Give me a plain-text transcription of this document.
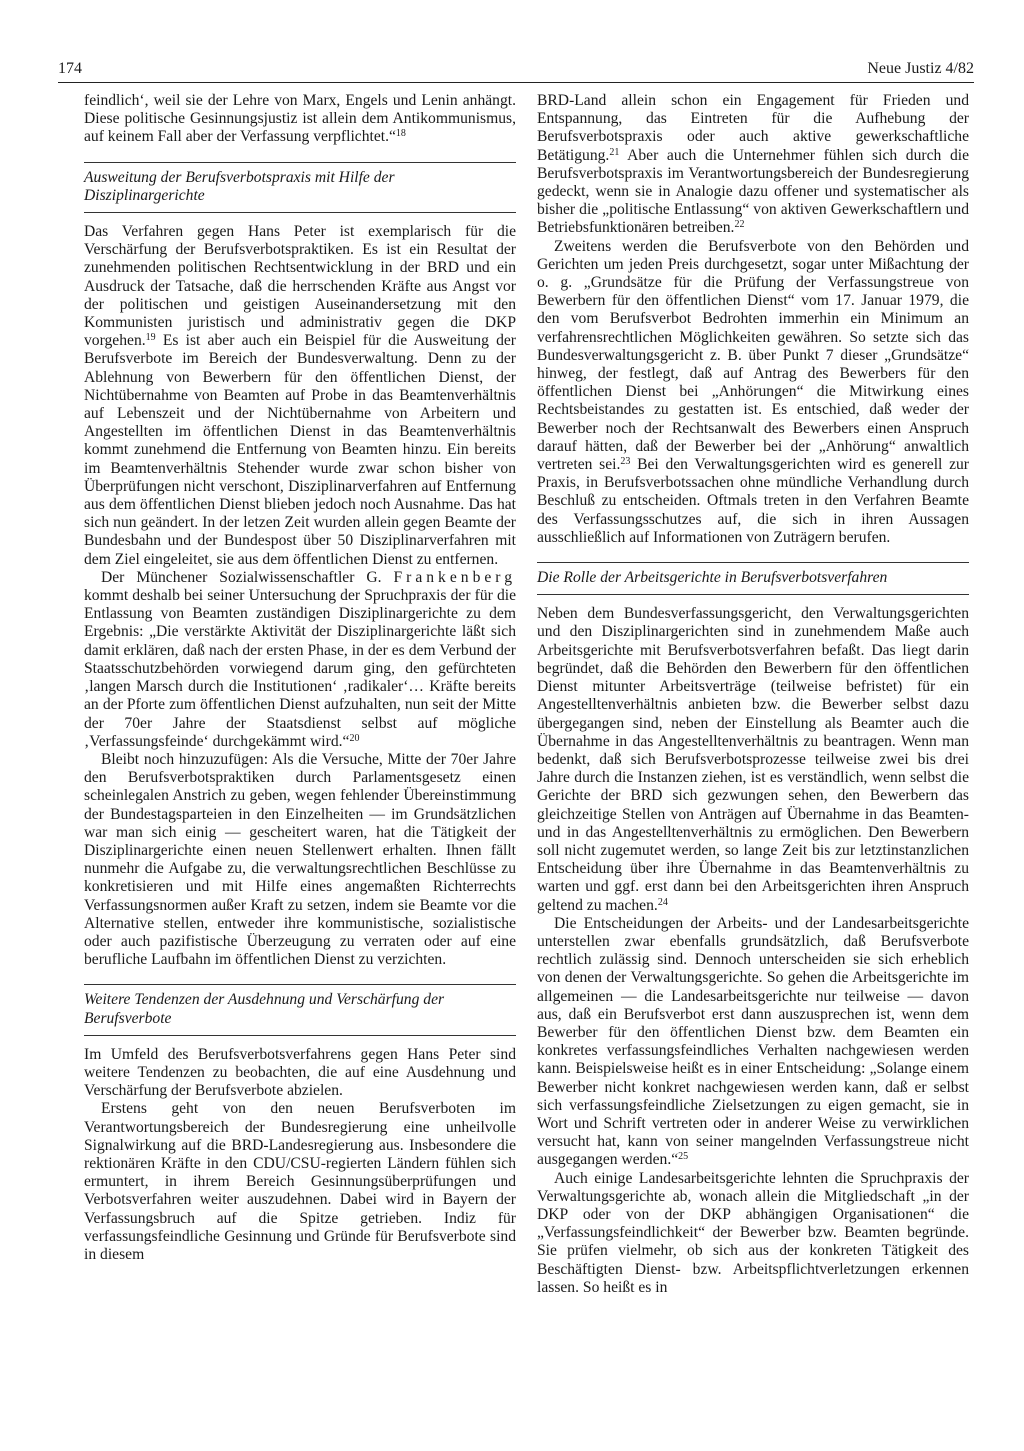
174	Neue Justiz 4/82

feindlich‘, weil sie der Lehre von Marx, Engels und Lenin anhängt. Diese politische Gesinnungsjustiz ist allein dem Antikommunismus, auf keinem Fall aber der Verfassung verpflichtet.“$^{18}$

Ausweitung der Berufsverbotspraxis mit Hilfe der Disziplinargerichte

Das Verfahren gegen Hans Peter ist exemplarisch für die Verschärfung der Berufsverbotspraktiken. Es ist ein Resultat der zunehmenden politischen Rechtsentwicklung in der BRD und ein Ausdruck der Tatsache, daß die herrschenden Kräfte aus Angst vor der politischen und geistigen Auseinandersetzung mit den Kommunisten juristisch und administrativ gegen die DKP vorgehen.$^{19}$ Es ist aber auch ein Beispiel für die Ausweitung der Berufsverbote im Bereich der Bundesverwaltung. Denn zu der Ablehnung von Bewerbern für den öffentlichen Dienst, der Nichtübernahme von Beamten auf Probe in das Beamtenverhältnis auf Lebenszeit und der Nichtübernahme von Arbeitern und Angestellten im öffentlichen Dienst in das Beamtenverhältnis kommt zunehmend die Entfernung von Beamten hinzu. Ein bereits im Beamtenverhältnis Stehender wurde zwar schon bisher von Überprüfungen nicht verschont, Disziplinarverfahren auf Entfernung aus dem öffentlichen Dienst blieben jedoch noch Ausnahme. Das hat sich nun geändert. In der letzen Zeit wurden allein gegen Beamte der Bundesbahn und der Bundespost über 50 Disziplinarverfahren mit dem Ziel eingeleitet, sie aus dem öffentlichen Dienst zu entfernen.

Der Münchener Sozialwissenschaftler G. Frankenberg kommt deshalb bei seiner Untersuchung der Spruchpraxis der für die Entlassung von Beamten zuständigen Disziplinargerichte zu dem Ergebnis: „Die verstärkte Aktivität der Disziplinargerichte läßt sich damit erklären, daß nach der ersten Phase, in der es dem Verbund der Staatsschutzbehörden vorwiegend darum ging, den gefürchteten ‚langen Marsch durch die Institutionen‘ ‚radikaler‘… Kräfte bereits an der Pforte zum öffentlichen Dienst aufzuhalten, nun seit der Mitte der 70er Jahre der Staatsdienst selbst auf mögliche ‚Verfassungsfeinde‘ durchgekämmt wird.“$^{20}$

Bleibt noch hinzuzufügen: Als die Versuche, Mitte der 70er Jahre den Berufsverbotspraktiken durch Parlamentsgesetz einen scheinlegalen Anstrich zu geben, wegen fehlender Übereinstimmung der Bundestagsparteien in den Einzelheiten — im Grundsätzlichen war man sich einig — gescheitert waren, hat die Tätigkeit der Disziplinargerichte einen neuen Stellenwert erhalten. Ihnen fällt nunmehr die Aufgabe zu, die verwaltungsrechtlichen Beschlüsse zu konkretisieren und mit Hilfe eines angemaßten Richterrechts Verfassungsnormen außer Kraft zu setzen, indem sie Beamte vor die Alternative stellen, entweder ihre kommunistische, sozialistische oder auch pazifistische Überzeugung zu verraten oder auf eine berufliche Laufbahn im öffentlichen Dienst zu verzichten.

Weitere Tendenzen der Ausdehnung und Verschärfung der Berufsverbote

Im Umfeld des Berufsverbotsverfahrens gegen Hans Peter sind weitere Tendenzen zu beobachten, die auf eine Ausdehnung und Verschärfung der Berufsverbote abzielen.

Erstens geht von den neuen Berufsverboten im Verantwortungsbereich der Bundesregierung eine unheilvolle Signalwirkung auf die BRD-Landesregierung aus. Insbesondere die rektionären Kräfte in den CDU/CSU-regierten Ländern fühlen sich ermuntert, in ihrem Bereich Gesinnungsüberprüfungen und Verbotsverfahren weiter auszudehnen. Dabei wird in Bayern der Verfassungsbruch auf die Spitze getrieben. Indiz für verfassungsfeindliche Gesinnung und Gründe für Berufsverbote sind in diesem

BRD-Land allein schon ein Engagement für Frieden und Entspannung, das Eintreten für die Aufhebung der Berufsverbotspraxis oder auch aktive gewerkschaftliche Betätigung.$^{21}$ Aber auch die Unternehmer fühlen sich durch die Berufsverbotspraxis im Verantwortungsbereich der Bundesregierung gedeckt, wenn sie in Analogie dazu offener und systematischer als bisher die „politische Entlassung“ von aktiven Gewerkschaftlern und Betriebsfunktionären betreiben.$^{22}$

Zweitens werden die Berufsverbote von den Behörden und Gerichten um jeden Preis durchgesetzt, sogar unter Mißachtung der o. g. „Grundsätze für die Prüfung der Verfassungstreue von Bewerbern für den öffentlichen Dienst“ vom 17. Januar 1979, die den vom Berufsverbot Bedrohten immerhin ein Minimum an verfahrensrechtlichen Möglichkeiten gewähren. So setzte sich das Bundesverwaltungsgericht z. B. über Punkt 7 dieser „Grundsätze“ hinweg, der festlegt, daß auf Antrag des Bewerbers für den öffentlichen Dienst bei „Anhörungen“ die Mitwirkung eines Rechtsbeistandes zu gestatten ist. Es entschied, daß weder der Bewerber noch der Rechtsanwalt des Bewerbers einen Anspruch darauf hätten, daß der Bewerber bei der „Anhörung“ anwaltlich vertreten sei.$^{23}$ Bei den Verwaltungsgerichten wird es generell zur Praxis, in Berufsverbotssachen ohne mündliche Verhandlung durch Beschluß zu entscheiden. Oftmals treten in den Verfahren Beamte des Verfassungsschutzes auf, die sich in ihren Aussagen ausschließlich auf Informationen von Zuträgern berufen.

Die Rolle der Arbeitsgerichte in Berufsverbotsverfahren

Neben dem Bundesverfassungsgericht, den Verwaltungsgerichten und den Disziplinargerichten sind in zunehmendem Maße auch Arbeitsgerichte mit Berufsverbotsverfahren befaßt. Das liegt darin begründet, daß die Behörden den Bewerbern für den öffentlichen Dienst mitunter Arbeitsverträge (teilweise befristet) für ein Angestelltenverhältnis anbieten bzw. die Bewerber selbst dazu übergegangen sind, neben der Einstellung als Beamter auch die Übernahme in das Angestelltenverhältnis zu beantragen. Wenn man bedenkt, daß sich Berufsverbotsprozesse teilweise zwei bis drei Jahre durch die Instanzen ziehen, ist es verständlich, wenn selbst die Gerichte der BRD sich gezwungen sehen, den Bewerbern das gleichzeitige Stellen von Anträgen auf Übernahme in das Beamten- und in das Angestelltenverhältnis zu ermöglichen. Den Bewerbern soll nicht zugemutet werden, so lange Zeit bis zur letztinstanzlichen Entscheidung über ihre Übernahme in das Beamtenverhältnis zu warten und ggf. erst dann bei den Arbeitsgerichten ihren Anspruch geltend zu machen.$^{24}$

Die Entscheidungen der Arbeits- und der Landesarbeitsgerichte unterstellen zwar ebenfalls grundsätzlich, daß Berufsverbote rechtlich zulässig sind. Dennoch unterscheiden sie sich erheblich von denen der Verwaltungsgerichte. So gehen die Arbeitsgerichte im allgemeinen — die Landesarbeitsgerichte nur teilweise — davon aus, daß ein Berufsverbot erst dann auszusprechen ist, wenn dem Bewerber für den öffentlichen Dienst bzw. dem Beamten ein konkretes verfassungsfeindliches Verhalten nachgewiesen werden kann. Beispielsweise heißt es in einer Entscheidung: „Solange einem Bewerber nicht konkret nachgewiesen werden kann, daß er selbst sich verfassungsfeindliche Zielsetzungen zu eigen gemacht, sie in Wort und Schrift vertreten oder in anderer Weise zu verwirklichen versucht hat, kann von seiner mangelnden Verfassungstreue nicht ausgegangen werden.“$^{25}$

Auch einige Landesarbeitsgerichte lehnten die Spruchpraxis der Verwaltungsgerichte ab, wonach allein die Mitgliedschaft „in der DKP oder von der DKP abhängigen Organisationen“ die „Verfassungsfeindlichkeit“ der Bewerber bzw. Beamten begründe. Sie prüfen vielmehr, ob sich aus der konkreten Tätigkeit des Beschäftigten Dienst- bzw. Arbeitspflichtverletzungen erkennen lassen. So heißt es in
